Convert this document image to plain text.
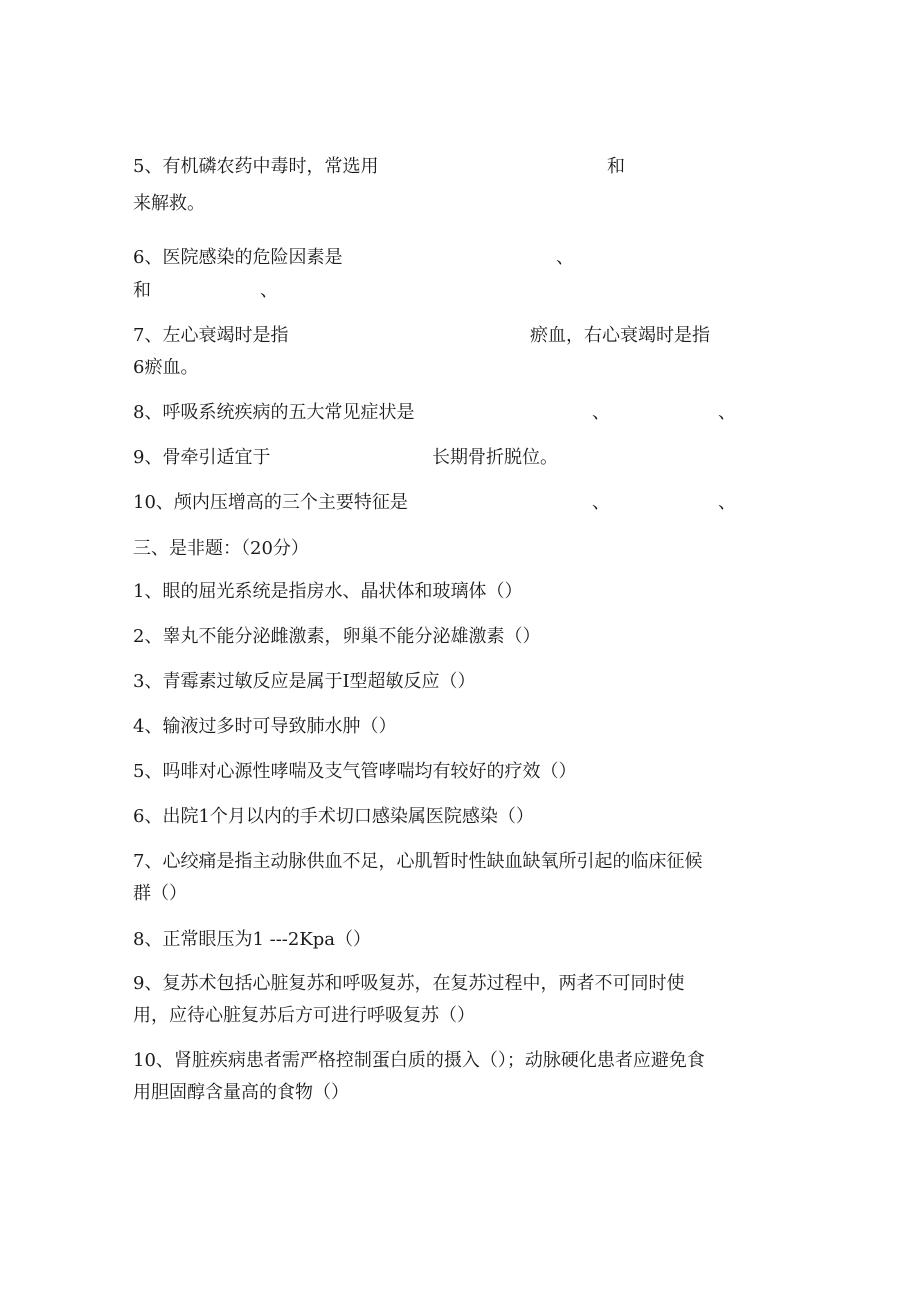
5、有机磷农药中毒时，常选用	和
来解救。
6、医院感染的危险因素是	、
和	、
7、左心衰竭时是指	瘀血，右心衰竭时是指
6瘀血。
8、呼吸系统疾病的五大常见症状是	、	、
9、骨牵引适宜于	长期骨折脱位。
10、颅内压增高的三个主要特征是	、	、
三、是非题：（20分）
1、眼的屈光系统是指房水、晶状体和玻璃体（）
2、睾丸不能分泌雌激素，卵巢不能分泌雄激素（）
3、青霉素过敏反应是属于I型超敏反应（）
4、输液过多时可导致肺水肿（）
5、吗啡对心源性哮喘及支气管哮喘均有较好的疗效（）
6、出院1个月以内的手术切口感染属医院感染（）
7、心绞痛是指主动脉供血不足，心肌暂时性缺血缺氧所引起的临床征候
群（）
8、正常眼压为1 ---2Kpa（）
9、复苏术包括心脏复苏和呼吸复苏，在复苏过程中，两者不可同时使
用，应待心脏复苏后方可进行呼吸复苏（）
10、肾脏疾病患者需严格控制蛋白质的摄入（）；动脉硬化患者应避免食
用胆固醇含量高的食物（）
